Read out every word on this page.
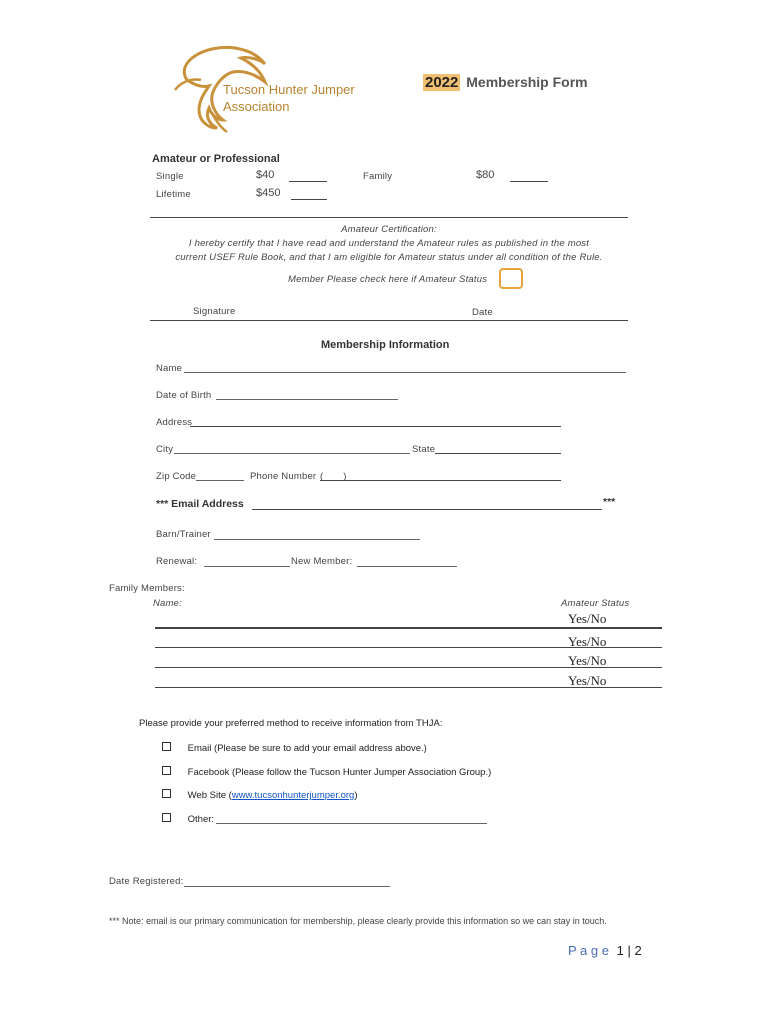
Tucson Hunter Jumper
Association
2022 Membership Form
Amateur or Professional
Single	$40	Family	$80
Lifetime	$450
Amateur Certification:
I hereby certify that I have read and understand the Amateur rules as published in the most
current USEF Rule Book, and that I am eligible for Amateur status under all condition of the Rule.
Member Please check here if Amateur Status
Signature	Date
Membership Information
Name
Date of Birth
Address
City	State
Zip Code	Phone Number (       )
*** Email Address	***
Barn/Trainer
Renewal:	New Member:
Family Members:
Name:	Amateur Status
Yes/No
Yes/No
Yes/No
Yes/No
Please provide your preferred method to receive information from THJA:
Email (Please be sure to add your email address above.)
Facebook (Please follow the Tucson Hunter Jumper Association Group.)
Web Site (www.tucsonhunterjumper.org)
Other:
Date Registered:
*** Note: email is our primary communication for membership, please clearly provide this information so we can stay in touch.
P a g e 1 | 2
